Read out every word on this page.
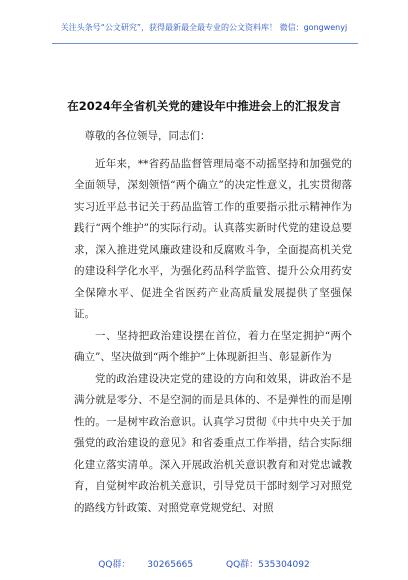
关注头条号“公文研究”，获得最新最全最专业的公文资料库！ 微信：gongwenyj
在2024年全省机关党的建设年中推进会上的汇报发言

尊敬的各位领导，同志们：

近年来，**省药品监督管理局毫不动摇坚持和加强党的全面领导，深刻领悟“两个确立”的决定性意义，扎实贯彻落实习近平总书记关于药品监管工作的重要指示批示精神作为践行“两个维护”的实际行动。认真落实新时代党的建设总要求，深入推进党风廉政建设和反腐败斗争，全面提高机关党的建设科学化水平，为强化药品科学监管、提升公众用药安全保障水平、促进全省医药产业高质量发展提供了坚强保证。

一、坚持把政治建设摆在首位，着力在坚定拥护“两个确立”、坚决做到“两个维护”上体现新担当、彰显新作为

党的政治建设决定党的建设的方向和效果，讲政治不是满分就是零分、不是空洞的而是具体的、不是弹性的而是刚性的。一是树牢政治意识。认真学习贯彻《中共中央关于加强党的政治建设的意见》和省委重点工作举措，结合实际细化建立落实清单。深入开展政治机关意识教育和对党忠诚教育，自觉树牢政治机关意识，引导党员干部时刻学习对照党的路线方针政策、对照党章党规党纪、对照

QQ群： 30265665	QQ群：535304092
